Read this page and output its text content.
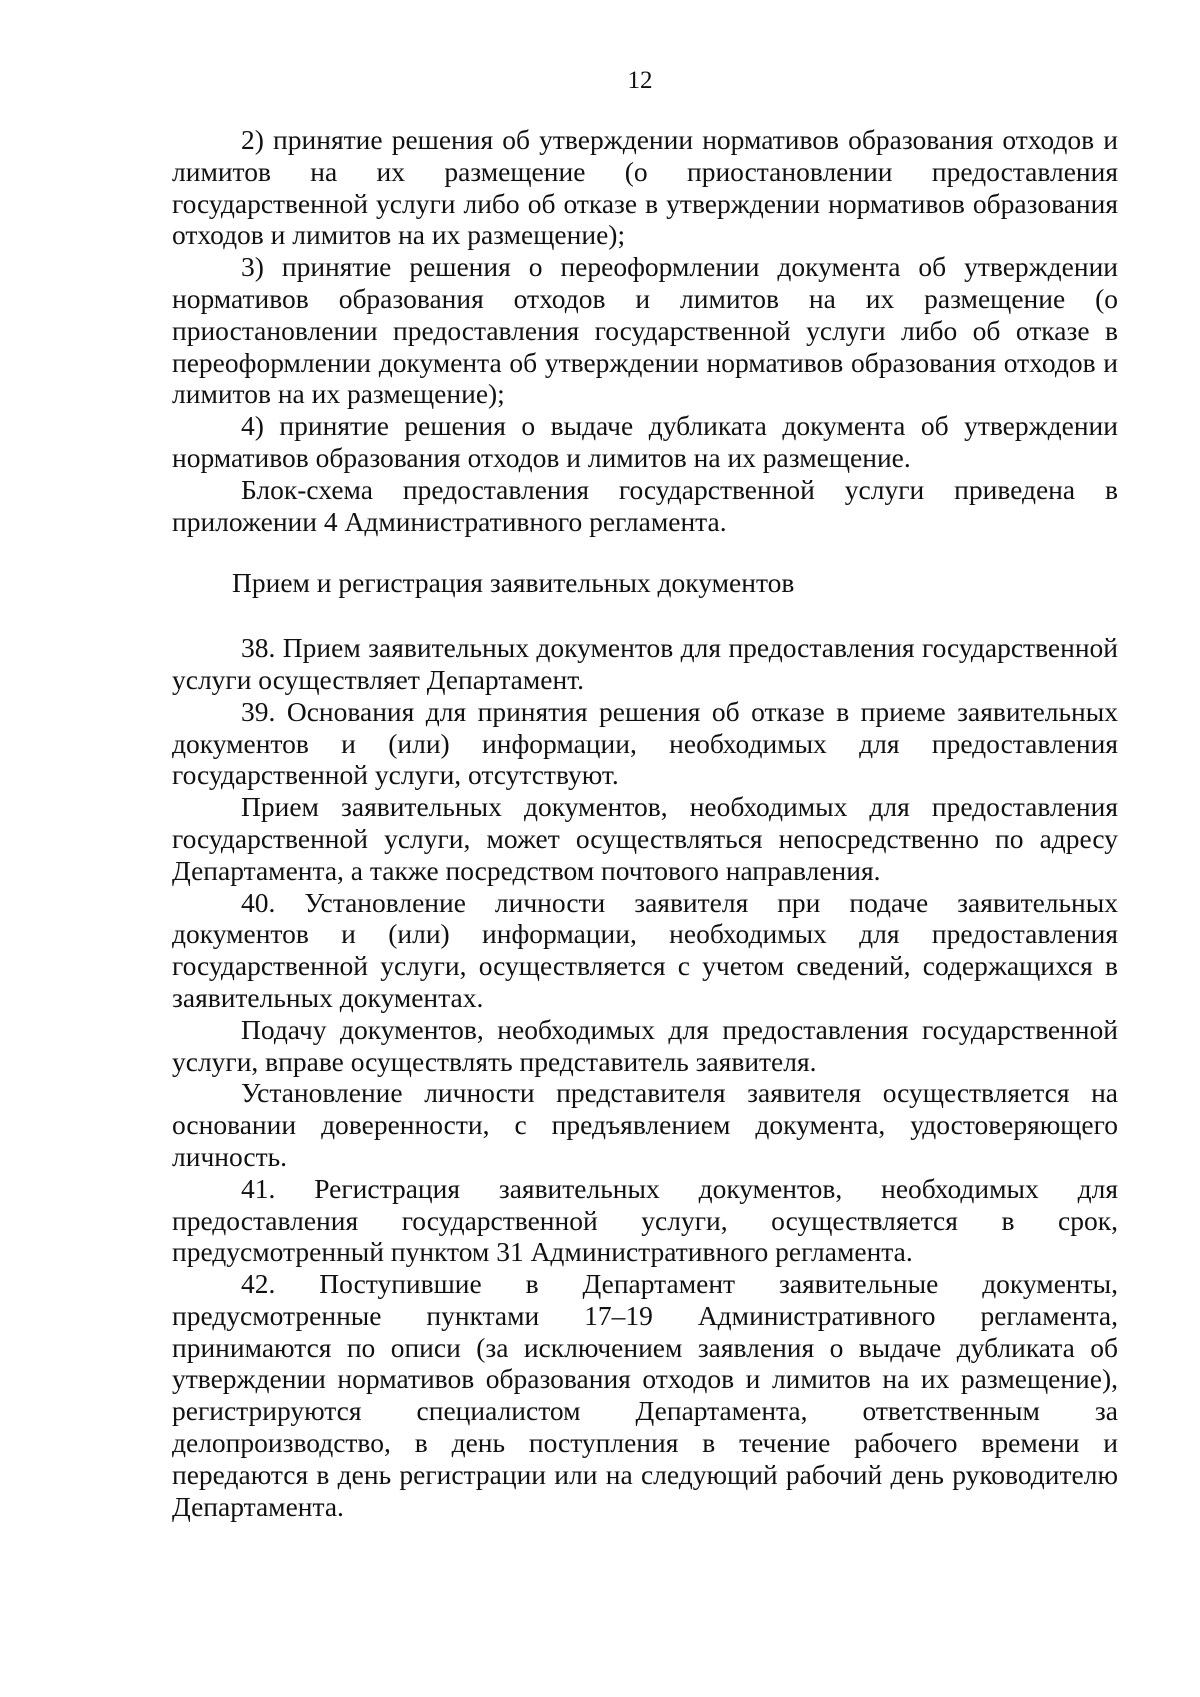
12

2) принятие решения об утверждении нормативов образования отходов и лимитов на их размещение (о приостановлении предоставления государственной услуги либо об отказе в утверждении нормативов образования отходов и лимитов на их размещение);

3) принятие решения о переоформлении документа об утверждении нормативов образования отходов и лимитов на их размещение (о приостановлении предоставления государственной услуги либо об отказе в переоформлении документа об утверждении нормативов образования отходов и лимитов на их размещение);

4) принятие решения о выдаче дубликата документа об утверждении нормативов образования отходов и лимитов на их размещение.

Блок-схема предоставления государственной услуги приведена в приложении 4 Административного регламента.

Прием и регистрация заявительных документов

38. Прием заявительных документов для предоставления государственной услуги осуществляет Департамент.

39. Основания для принятия решения об отказе в приеме заявительных документов и (или) информации, необходимых для предоставления государственной услуги, отсутствуют.

Прием заявительных документов, необходимых для предоставления государственной услуги, может осуществляться непосредственно по адресу Департамента, а также посредством почтового направления.

40. Установление личности заявителя при подаче заявительных документов и (или) информации, необходимых для предоставления государственной услуги, осуществляется с учетом сведений, содержащихся в заявительных документах.

Подачу документов, необходимых для предоставления государственной услуги, вправе осуществлять представитель заявителя.

Установление личности представителя заявителя осуществляется на основании доверенности, с предъявлением документа, удостоверяющего личность.

41. Регистрация заявительных документов, необходимых для предоставления государственной услуги, осуществляется в срок, предусмотренный пунктом 31 Административного регламента.

42. Поступившие в Департамент заявительные документы, предусмотренные пунктами 17–19 Административного регламента, принимаются по описи (за исключением заявления о выдаче дубликата об утверждении нормативов образования отходов и лимитов на их размещение), регистрируются специалистом Департамента, ответственным за делопроизводство, в день поступления в течение рабочего времени и передаются в день регистрации или на следующий рабочий день руководителю Департамента.
